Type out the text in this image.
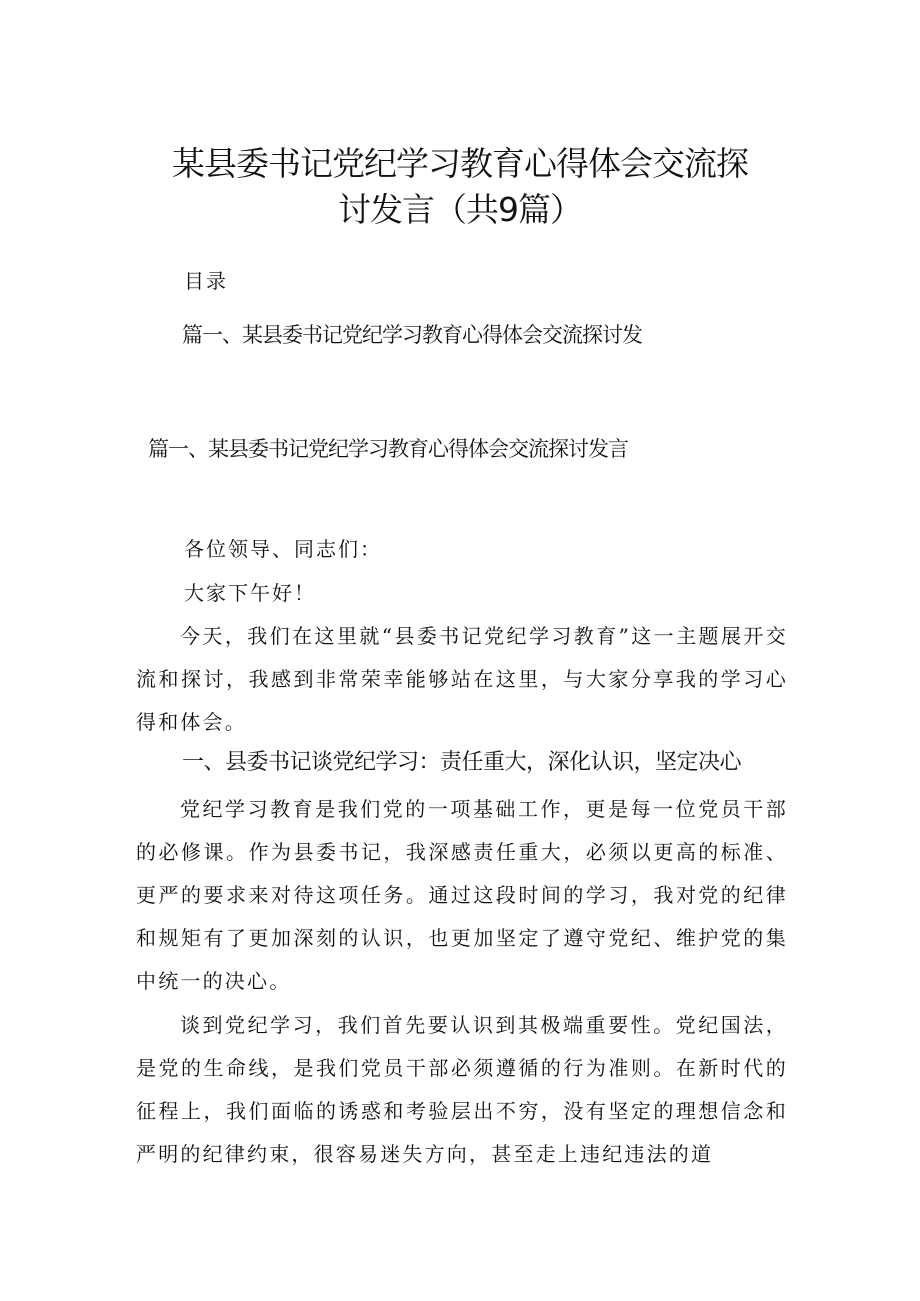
某县委书记党纪学习教育心得体会交流探
讨发言（共9篇）
目录
篇一、某县委书记党纪学习教育心得体会交流探讨发
篇一、某县委书记党纪学习教育心得体会交流探讨发言
各位领导、同志们：
大家下午好！

今天，我们在这里就“县委书记党纪学习教育”这一主题展开交流和探讨，我感到非常荣幸能够站在这里，与大家分享我的学习心得和体会。

一、县委书记谈党纪学习：责任重大，深化认识，坚定决心

党纪学习教育是我们党的一项基础工作，更是每一位党员干部的必修课。作为县委书记，我深感责任重大，必须以更高的标准、更严的要求来对待这项任务。通过这段时间的学习，我对党的纪律和规矩有了更加深刻的认识，也更加坚定了遵守党纪、维护党的集中统一的决心。

谈到党纪学习，我们首先要认识到其极端重要性。党纪国法，是党的生命线，是我们党员干部必须遵循的行为准则。在新时代的征程上，我们面临的诱惑和考验层出不穷，没有坚定的理想信念和严明的纪律约束，很容易迷失方向，甚至走上违纪违法的道
